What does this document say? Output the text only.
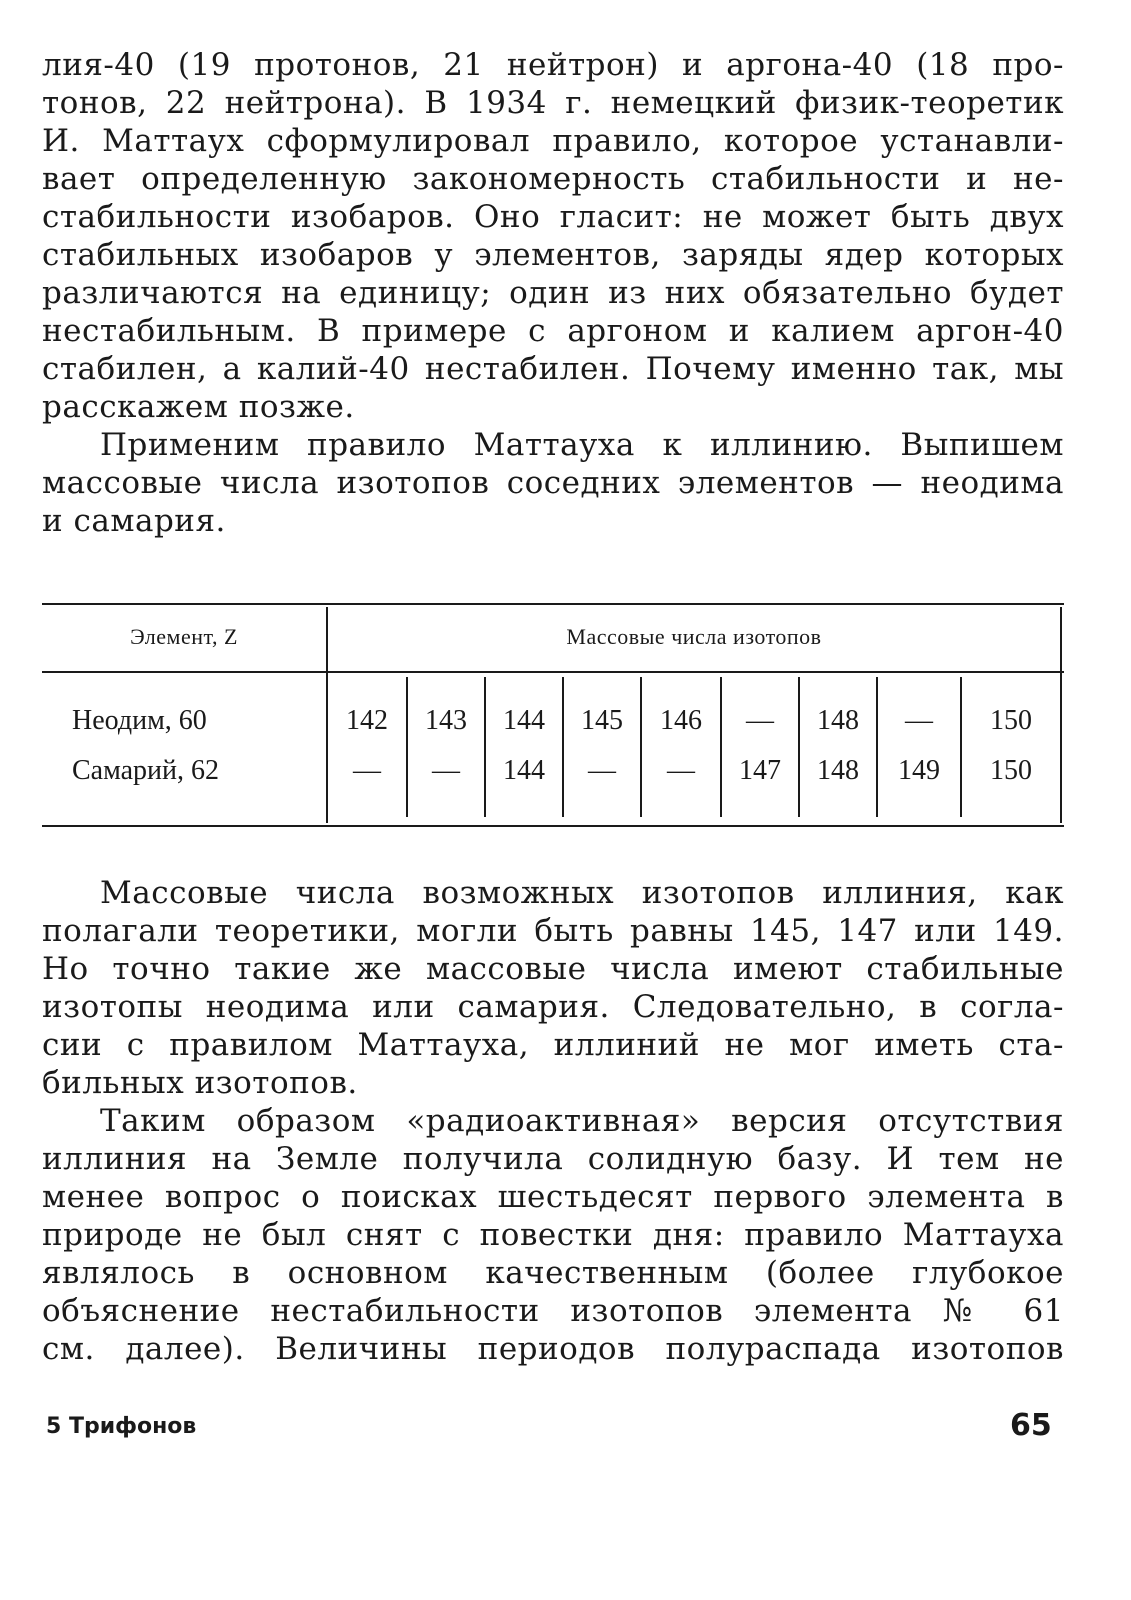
лия-40 (19 протонов, 21 нейтрон) и аргона-40 (18 про-
тонов, 22 нейтрона). В 1934 г. немецкий физик-теоретик
И. Маттаух сформулировал правило, которое устанавли-
вает определенную закономерность стабильности и не-
стабильности изобаров. Оно гласит: не может быть двух
стабильных изобаров у элементов, заряды ядер которых
различаются на единицу; один из них обязательно будет
нестабильным. В примере с аргоном и калием аргон-40
стабилен, а калий-40 нестабилен. Почему именно так, мы
расскажем позже.
Применим правило Маттауха к иллинию. Выпишем
массовые числа изотопов соседних элементов — неодима
и самария.
Элемент, Z	Массовые числа изотопов
Неодим, 60	142	143	144	145	146	—	148	—	150
Самарий, 62	—	—	144	—	—	147	148	149	150
Массовые числа возможных изотопов иллиния, как
полагали теоретики, могли быть равны 145, 147 или 149.
Но точно такие же массовые числа имеют стабильные
изотопы неодима или самария. Следовательно, в согла-
сии с правилом Маттауха, иллиний не мог иметь ста-
бильных изотопов.
Таким образом «радиоактивная» версия отсутствия
иллиния на Земле получила солидную базу. И тем не
менее вопрос о поисках шестьдесят первого элемента в
природе не был снят с повестки дня: правило Маттауха
являлось в основном качественным (более глубокое
объяснение нестабильности изотопов элемента № 61
см. далее). Величины периодов полураспада изотопов
5 Трифонов	65
